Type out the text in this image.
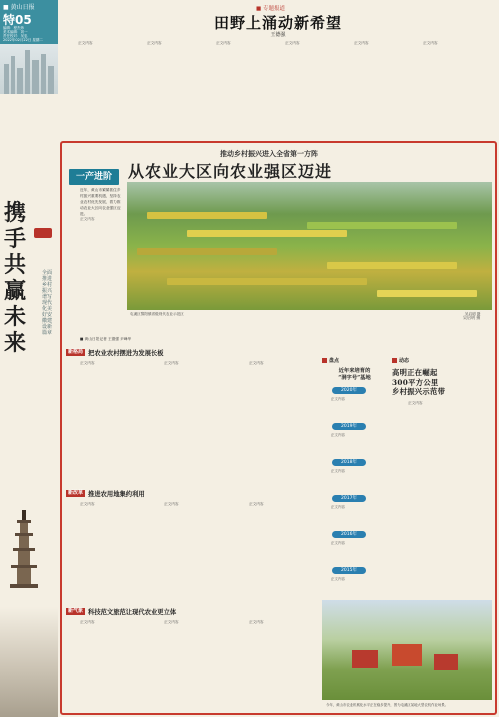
■ 黄山日报
特05
编辑：程杰炜
美术编辑：刘一
责任校对：吴忠
2022年02月22日 星期二
携
手
共
赢
未
来
全面推进乡村振兴 谱写现代化美好安徽建设新篇章
■ 专题报道
田野上涌动新希望
王德强

　　正文内容	　　正文内容	　　正文内容	　　正文内容	　　正文内容	　　正文内容

推动乡村振兴进入全省第一方阵
从农业大区向农业强区迈进
一产进阶
近年，黄山市紧紧抓住乡村振兴重要机遇，坚持农业农村优先发展，着力推动农业大区向农业强区迈进。
屯溪区黎阳镇省级现代农业示范区	吴启明 摄

　　正文内容

■ 黄山日报记者 王德强 尹峰华
新格局 把农业农村摆进为发展长板

　　正文内容	　　正文内容	　　正文内容

新改革 推进农用地集约利用

　　正文内容	　　正文内容	　　正文内容

新气象 科技范文旅范让现代农业更立体

　　正文内容	　　正文内容	　　正文内容

盘点
近年来培育的
“洞字号”基地
2020年
　　正文内容
2019年
　　正文内容
2018年
　　正文内容
2017年
　　正文内容
2016年
　　正文内容
2015年
　　正文内容
动态
高明正在崛起
300平方公里
乡村振兴示范带

　　正文内容

今年，黄山市农业机械化水平正在稳步提升，图为屯溪区某地大型农机作业场景。
吴启明 摄
